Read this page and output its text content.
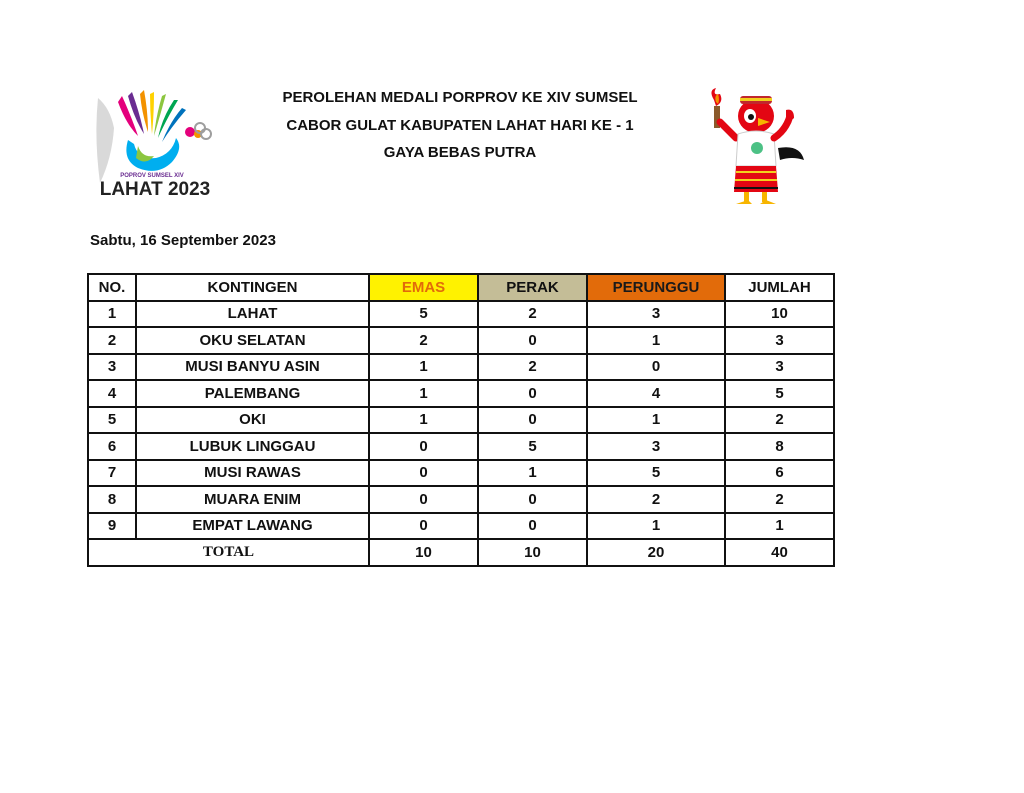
POPROV SUMSEL XIV
LAHAT 2023
PEROLEHAN MEDALI PORPROV KE XIV SUMSEL
CABOR GULAT KABUPATEN LAHAT HARI KE - 1
GAYA BEBAS PUTRA
Sabtu, 16 September 2023
NO.	KONTINGEN	EMAS	PERAK	PERUNGGU	JUMLAH
1	LAHAT	5	2	3	10
2	OKU SELATAN	2	0	1	3
3	MUSI BANYU ASIN	1	2	0	3
4	PALEMBANG	1	0	4	5
5	OKI	1	0	1	2
6	LUBUK LINGGAU	0	5	3	8
7	MUSI RAWAS	0	1	5	6
8	MUARA ENIM	0	0	2	2
9	EMPAT LAWANG	0	0	1	1
TOTAL		10	10	20	40
